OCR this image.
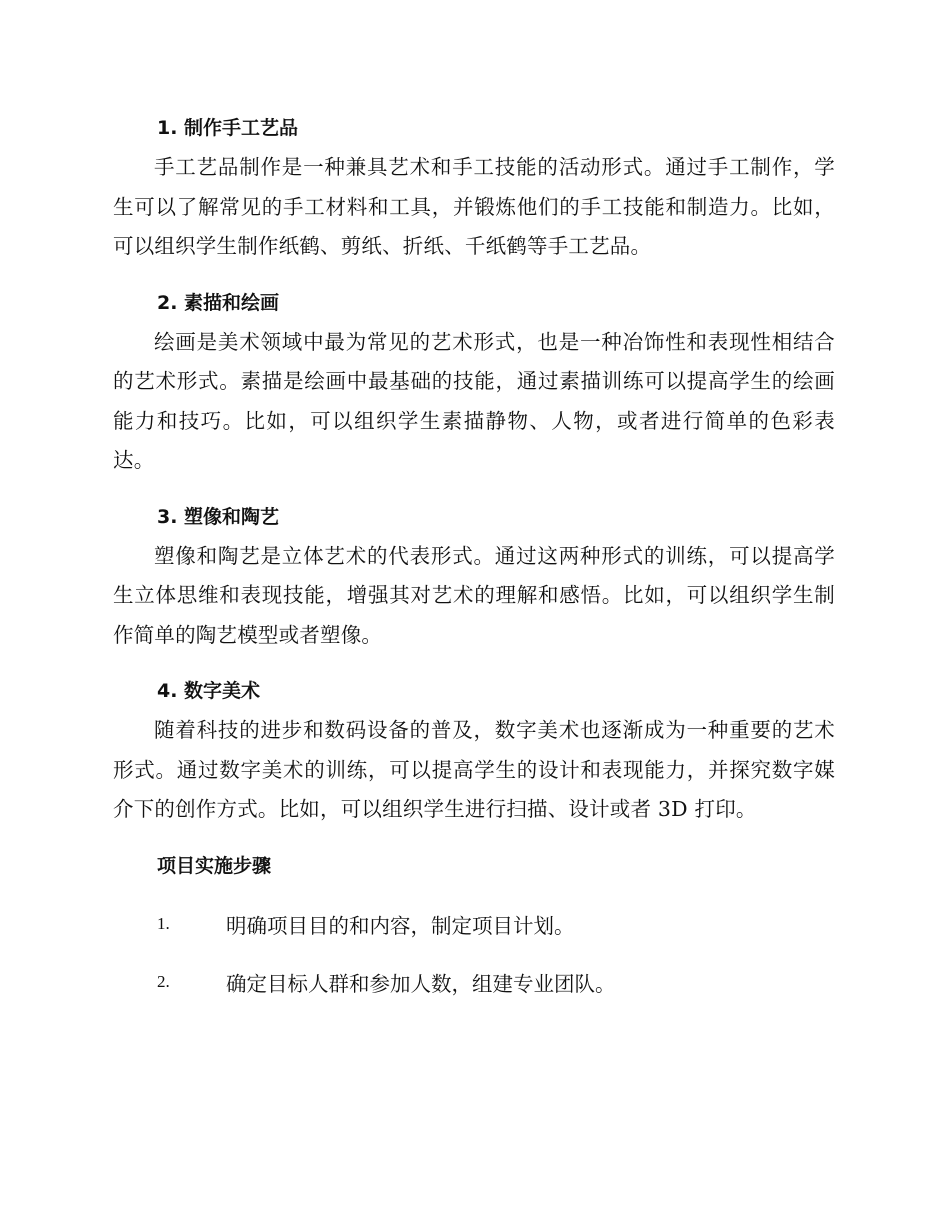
1. 制作手工艺品

手工艺品制作是一种兼具艺术和手工技能的活动形式。通过手工制作，学生可以了解常见的手工材料和工具，并锻炼他们的手工技能和制造力。比如，可以组织学生制作纸鹤、剪纸、折纸、千纸鹤等手工艺品。

2. 素描和绘画

绘画是美术领域中最为常见的艺术形式，也是一种冶饰性和表现性相结合的艺术形式。素描是绘画中最基础的技能，通过素描训练可以提高学生的绘画能力和技巧。比如，可以组织学生素描静物、人物，或者进行简单的色彩表达。

3. 塑像和陶艺

塑像和陶艺是立体艺术的代表形式。通过这两种形式的训练，可以提高学生立体思维和表现技能，增强其对艺术的理解和感悟。比如，可以组织学生制作简单的陶艺模型或者塑像。

4. 数字美术

随着科技的进步和数码设备的普及，数字美术也逐渐成为一种重要的艺术形式。通过数字美术的训练，可以提高学生的设计和表现能力，并探究数字媒介下的创作方式。比如，可以组织学生进行扫描、设计或者 3D 打印。

项目实施步骤
1.	明确项目目的和内容，制定项目计划。
2.	确定目标人群和参加人数，组建专业团队。
